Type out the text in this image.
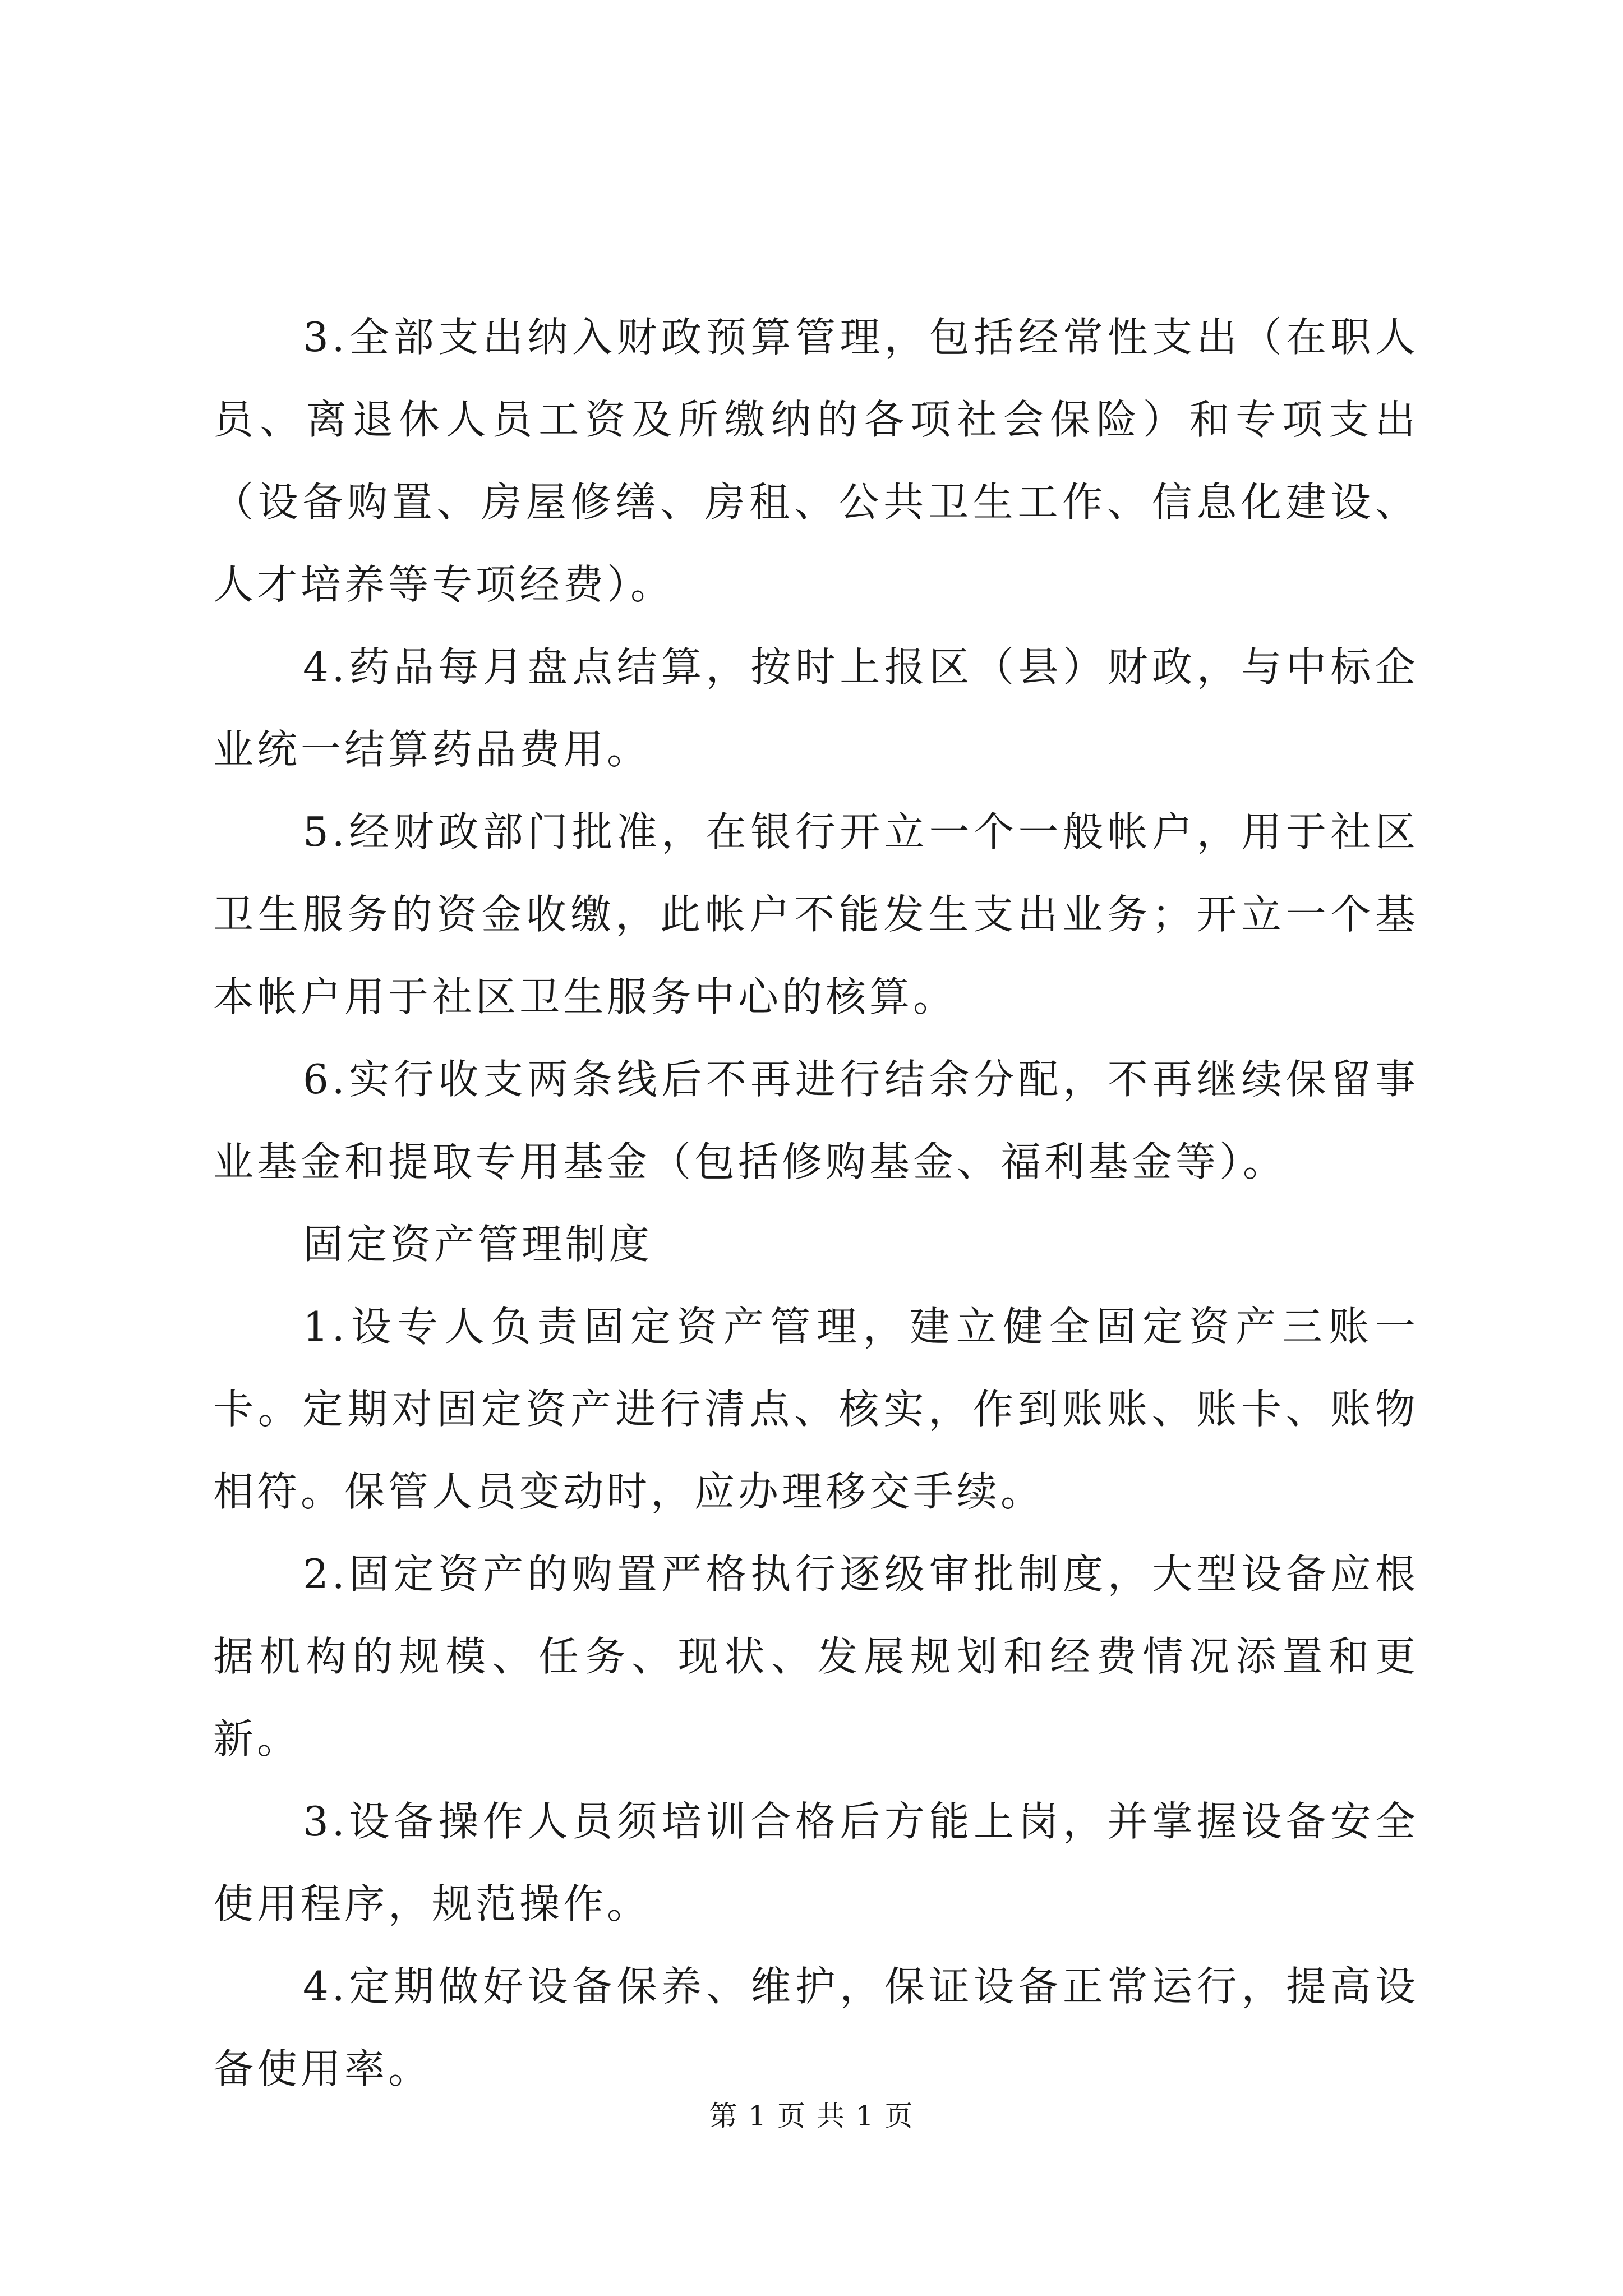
3.全部支出纳入财政预算管理，包括经常性支出（在职人员、离退休人员工资及所缴纳的各项社会保险）和专项支出（设备购置、房屋修缮、房租、公共卫生工作、信息化建设、人才培养等专项经费）。

4.药品每月盘点结算，按时上报区（县）财政，与中标企业统一结算药品费用。

5.经财政部门批准，在银行开立一个一般帐户，用于社区卫生服务的资金收缴，此帐户不能发生支出业务；开立一个基本帐户用于社区卫生服务中心的核算。

6.实行收支两条线后不再进行结余分配，不再继续保留事业基金和提取专用基金（包括修购基金、福利基金等）。

固定资产管理制度

1.设专人负责固定资产管理，建立健全固定资产三账一卡。定期对固定资产进行清点、核实，作到账账、账卡、账物相符。保管人员变动时，应办理移交手续。

2.固定资产的购置严格执行逐级审批制度，大型设备应根据机构的规模、任务、现状、发展规划和经费情况添置和更新。

3.设备操作人员须培训合格后方能上岗，并掌握设备安全使用程序，规范操作。

4.定期做好设备保养、维护，保证设备正常运行，提高设备使用率。

第 1 页 共 1 页
